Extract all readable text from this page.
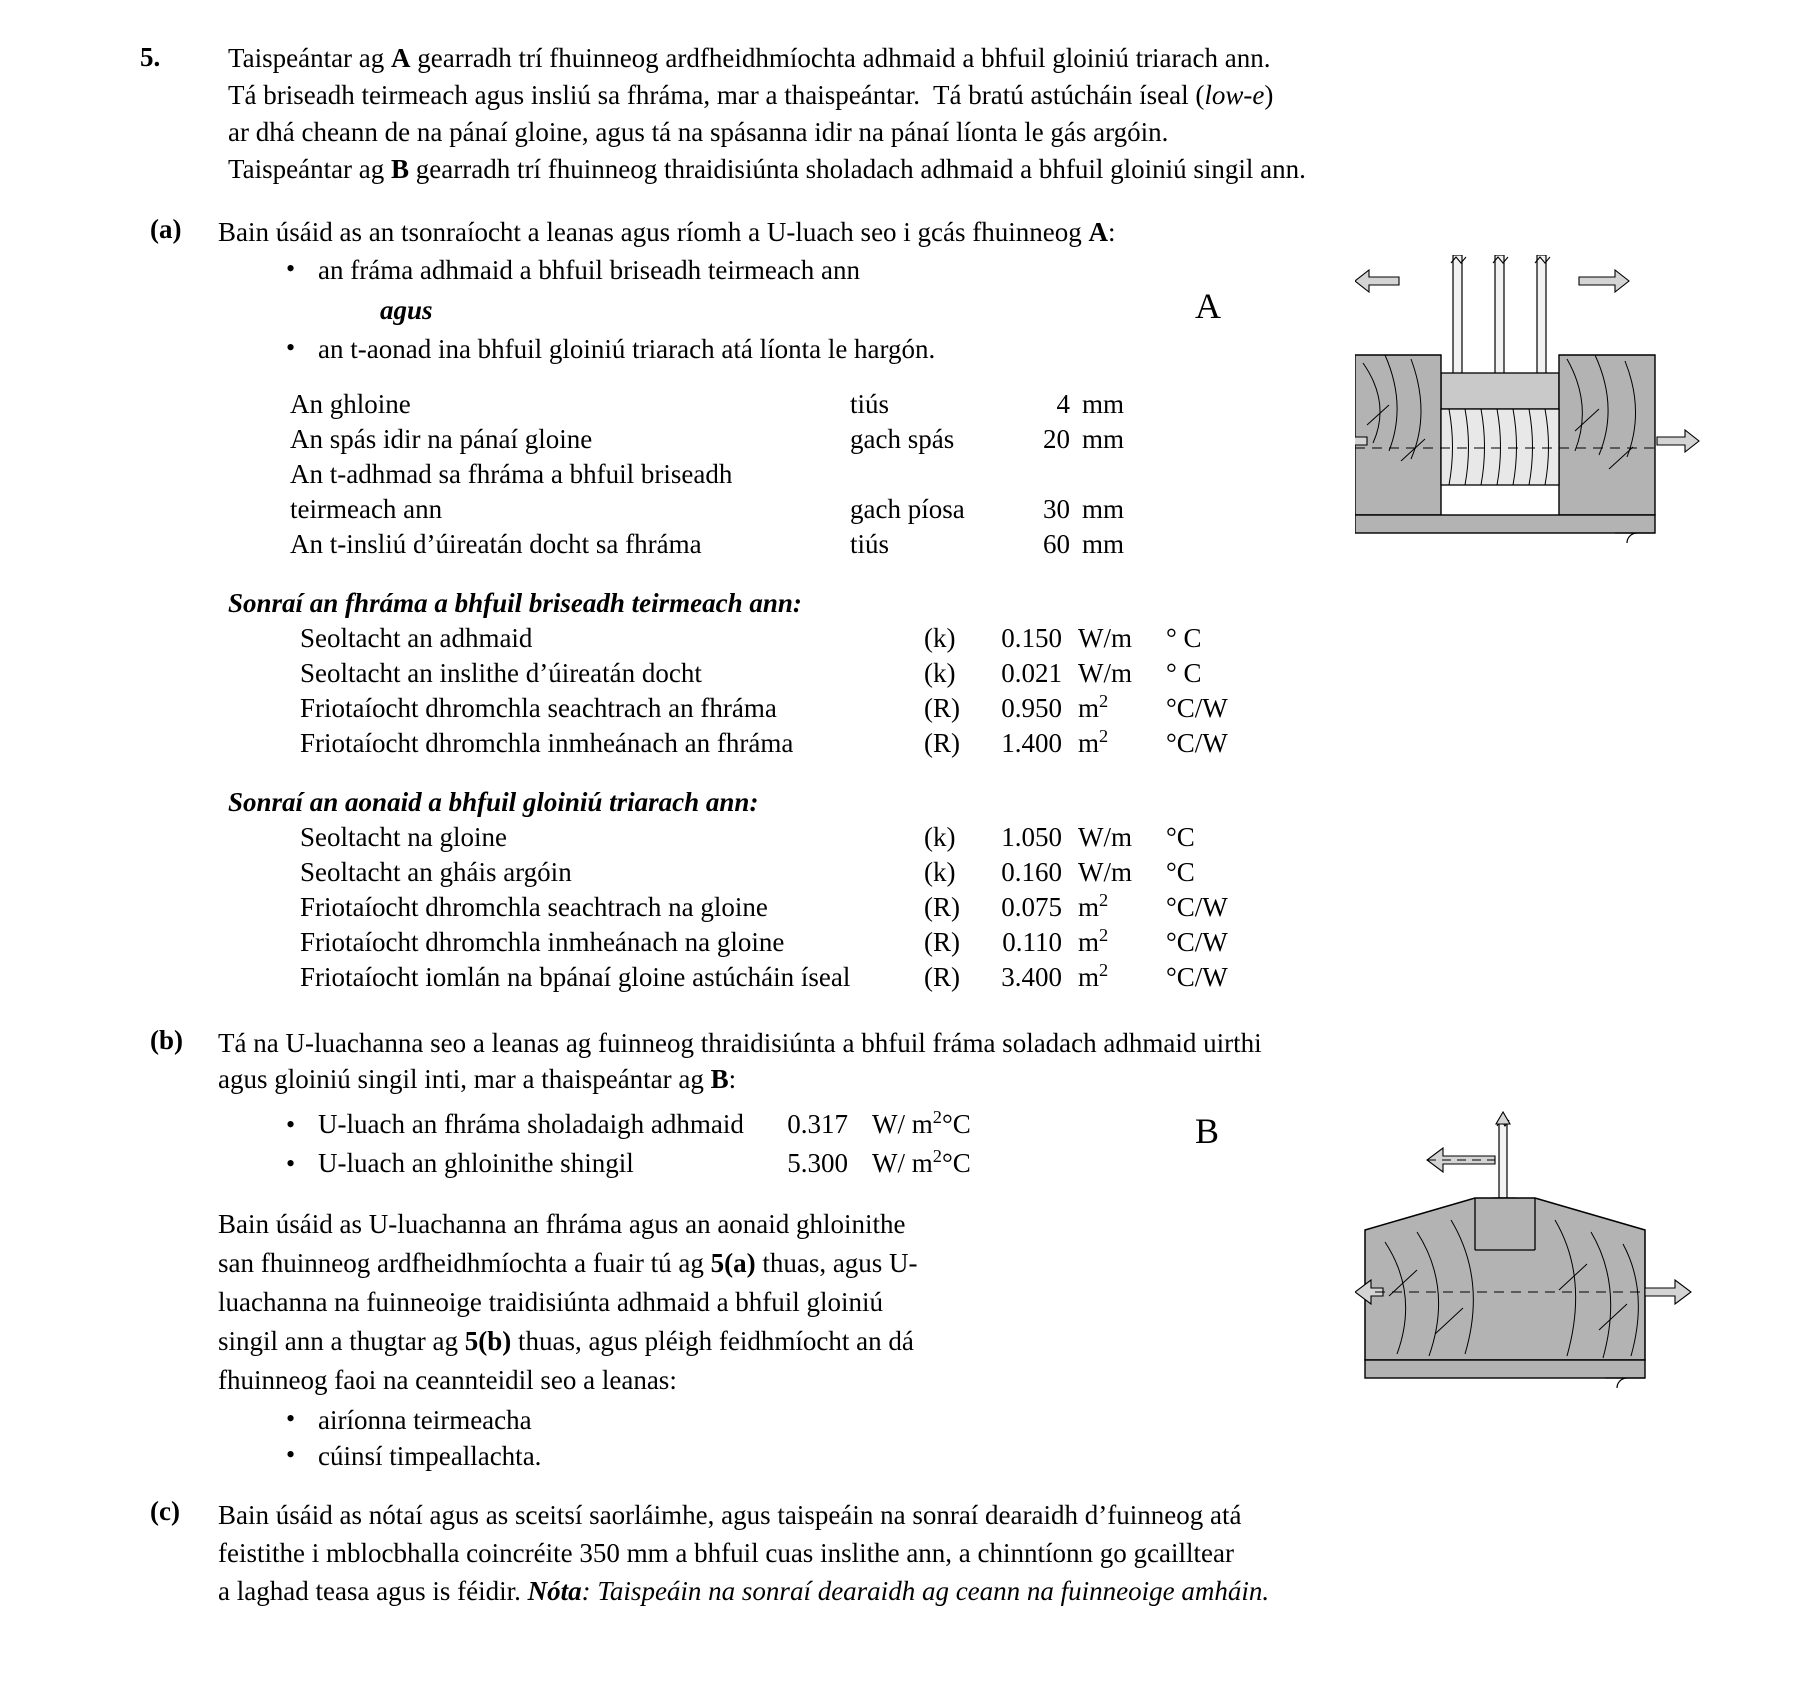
5.	Taispeántar ag A gearradh trí fhuinneog ardfheidhmíochta adhmaid a bhfuil gloiniú triarach ann.
Tá briseadh teirmeach agus insliú sa fhráma, mar a thaispeántar.  Tá bratú astúcháin íseal (low-e)
ar dhá cheann de na pánaí gloine, agus tá na spásanna idir na pánaí líonta le gás argóin.
Taispeántar ag B gearradh trí fhuinneog thraidisiúnta sholadach adhmaid a bhfuil gloiniú singil ann.
(a)	Bain úsáid as an tsonraíocht a leanas agus ríomh a U-luach seo i gcás fhuinneog A:
• an fráma adhmaid a bhfuil briseadh teirmeach ann
agus
• an t-aonad ina bhfuil gloiniú triarach atá líonta le hargón.
An ghloine	tiús	4	mm
An spás idir na pánaí gloine	gach spás	20	mm
An t-adhmad sa fhráma a bhfuil briseadh			
teirmeach ann	gach píosa	30	mm
An t-insliú d’úireatán docht sa fhráma	tiús	60	mm
Sonraí an fhráma a bhfuil briseadh teirmeach ann:
Seoltacht an adhmaid	(k)	0.150	W/m	° C
Seoltacht an inslithe d’úireatán docht	(k)	0.021	W/m	° C
Friotaíocht dhromchla seachtrach an fhráma	(R)	0.950	$m^2$	°C/W
Friotaíocht dhromchla inmheánach an fhráma	(R)	1.400	$m^2$	°C/W
Sonraí an aonaid a bhfuil gloiniú triarach ann:
Seoltacht na gloine	(k)	1.050	W/m	°C
Seoltacht an gháis argóin	(k)	0.160	W/m	°C
Friotaíocht dhromchla seachtrach na gloine	(R)	0.075	$m^2$	°C/W
Friotaíocht dhromchla inmheánach na gloine	(R)	0.110	$m^2$	°C/W
Friotaíocht iomlán na bpánaí gloine astúcháin íseal	(R)	3.400	$m^2$	°C/W
(b)	Tá na U-luachanna seo a leanas ag fuinneog thraidisiúnta a bhfuil fráma soladach adhmaid uirthi
agus gloiniú singil inti, mar a thaispeántar ag B:
• U-luach an fhráma sholadaigh adhmaid 0.317 W/ $m^2^\circ C$
• U-luach an ghloinithe shingil	5.300 W/ $m^2^\circ C$
Bain úsáid as U-luachanna an fhráma agus an aonaid ghloinithe san fhuinneog ardfheidhmíochta a fuair tú ag 5(a) thuas, agus U-luachanna na fuinneoige traidisiúnta adhmaid a bhfuil gloiniú singil ann a thugtar ag 5(b) thuas, agus pléigh feidhmíocht an dá fhuinneog faoi na ceannteidil seo a leanas:
• airíonna teirmeacha
• cúinsí timpeallachta.
(c)	Bain úsáid as nótaí agus as sceitsí saorláimhe, agus taispeáin na sonraí dearaidh d’fuinneog atá
feistithe i mblocbhalla coincréite 350 mm a bhfuil cuas inslithe ann, a chinntíonn go gcailltear
a laghad teasa agus is féidir. Nóta: Taispeáin na sonraí dearaidh ag ceann na fuinneoige amháin.
A
B
